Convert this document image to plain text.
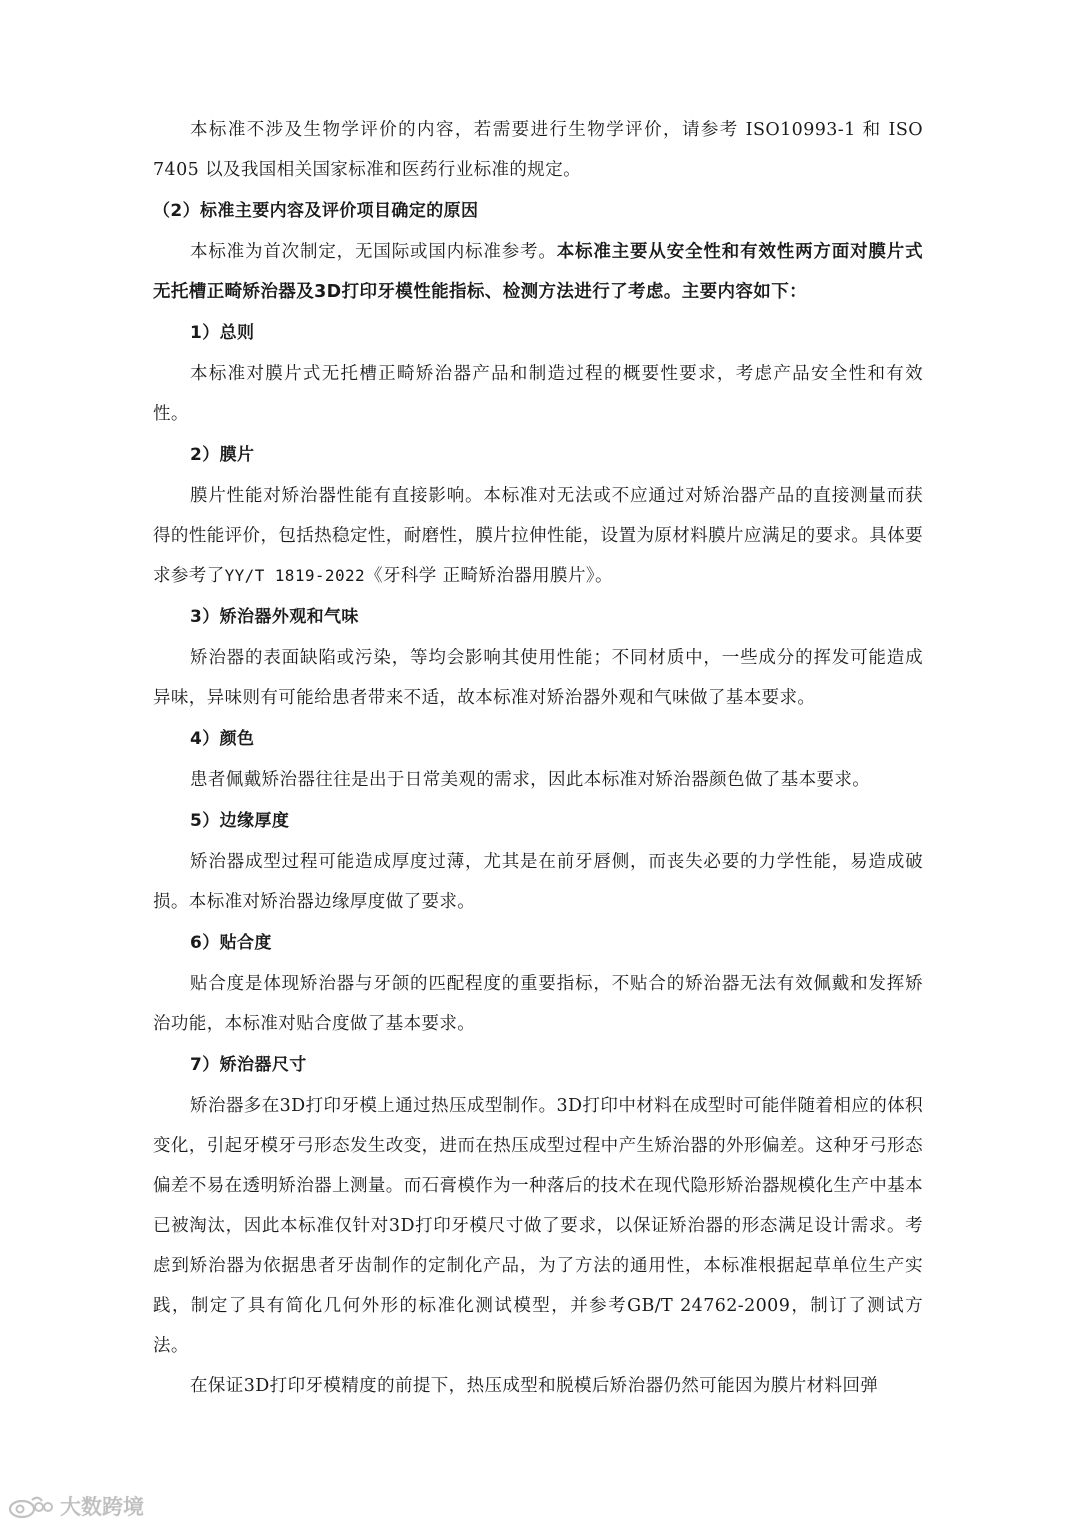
本标准不涉及生物学评价的内容，若需要进行生物学评价，请参考 ISO10993-1 和 ISO 7405 以及我国相关国家标准和医药行业标准的规定。

（2）标准主要内容及评价项目确定的原因

本标准为首次制定，无国际或国内标准参考。本标准主要从安全性和有效性两方面对膜片式无托槽正畸矫治器及3D打印牙模性能指标、检测方法进行了考虑。主要内容如下：

1）总则

本标准对膜片式无托槽正畸矫治器产品和制造过程的概要性要求，考虑产品安全性和有效性。

2）膜片

膜片性能对矫治器性能有直接影响。本标准对无法或不应通过对矫治器产品的直接测量而获得的性能评价，包括热稳定性，耐磨性，膜片拉伸性能，设置为原材料膜片应满足的要求。具体要求参考了YY/T 1819-2022《牙科学 正畸矫治器用膜片》。

3）矫治器外观和气味

矫治器的表面缺陷或污染，等均会影响其使用性能；不同材质中，一些成分的挥发可能造成异味，异味则有可能给患者带来不适，故本标准对矫治器外观和气味做了基本要求。

4）颜色

患者佩戴矫治器往往是出于日常美观的需求，因此本标准对矫治器颜色做了基本要求。

5）边缘厚度

矫治器成型过程可能造成厚度过薄，尤其是在前牙唇侧，而丧失必要的力学性能，易造成破损。本标准对矫治器边缘厚度做了要求。

6）贴合度

贴合度是体现矫治器与牙颌的匹配程度的重要指标，不贴合的矫治器无法有效佩戴和发挥矫治功能，本标准对贴合度做了基本要求。

7）矫治器尺寸

矫治器多在3D打印牙模上通过热压成型制作。3D打印中材料在成型时可能伴随着相应的体积变化，引起牙模牙弓形态发生改变，进而在热压成型过程中产生矫治器的外形偏差。这种牙弓形态偏差不易在透明矫治器上测量。而石膏模作为一种落后的技术在现代隐形矫治器规模化生产中基本已被淘汰，因此本标准仅针对3D打印牙模尺寸做了要求，以保证矫治器的形态满足设计需求。考虑到矫治器为依据患者牙齿制作的定制化产品，为了方法的通用性，本标准根据起草单位生产实践，制定了具有简化几何外形的标准化测试模型，并参考GB/T 24762-2009，制订了测试方法。

在保证3D打印牙模精度的前提下，热压成型和脱模后矫治器仍然可能因为膜片材料回弹

大数跨境
